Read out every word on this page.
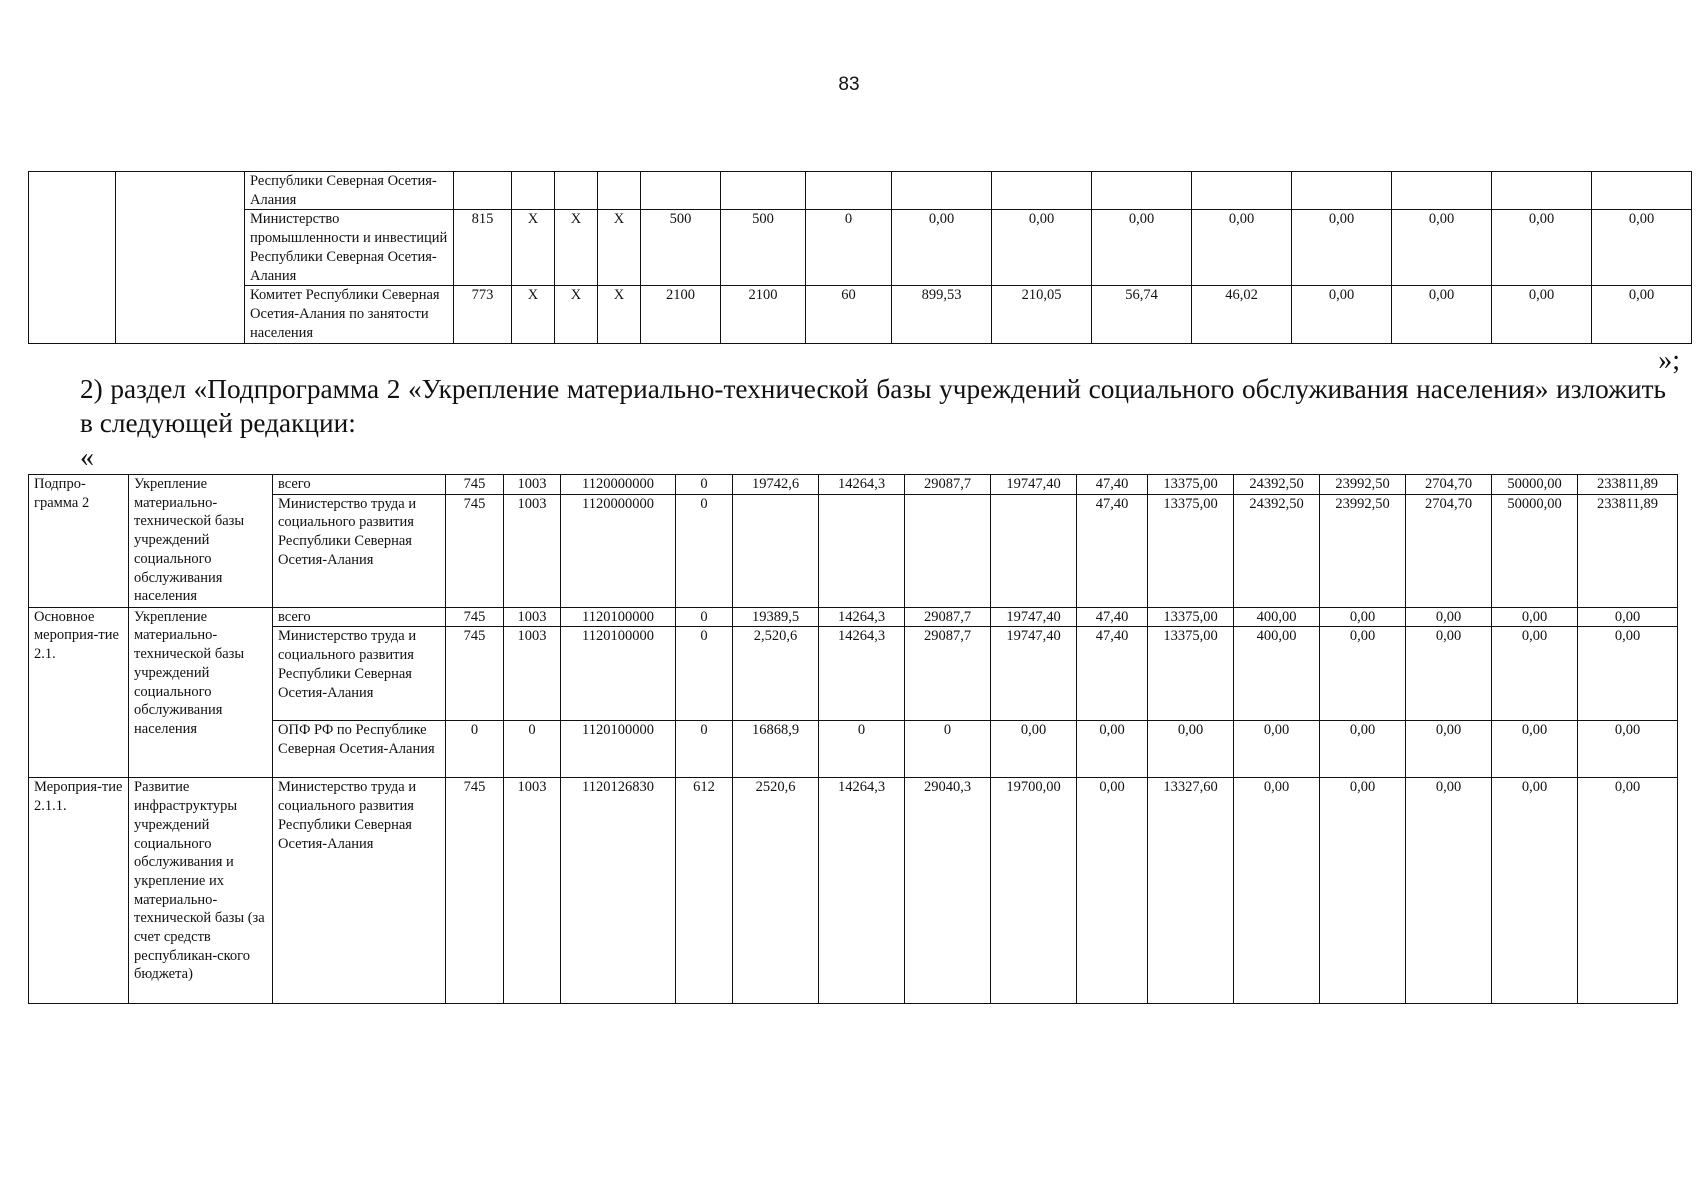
83
		Республики Северная Осетия-Алания															
		Министерство промышленности и инвестиций Республики Северная Осетия-Алания	815	X	X	X	500	500	0	0,00	0,00	0,00	0,00	0,00	0,00	0,00	0,00
		Комитет Республики Северная Осетия-Алания по занятости населения	773	X	X	X	2100	2100	60	899,53	210,05	56,74	46,02	0,00	0,00	0,00	0,00
»;
2) раздел «Подпрограмма 2 «Укрепление материально-технической базы учреждений социального обслуживания населения» изложить в следующей редакции:
«
Подпро-грамма 2	Укрепление материально-технической базы учреждений социального обслуживания населения	всего	745	1003	1120000000	0	19742,6	14264,3	29087,7	19747,40	47,40	13375,00	24392,50	23992,50	2704,70	50000,00	233811,89
		Министерство труда и социального развития Республики Северная Осетия-Алания	745	1003	1120000000	0					47,40	13375,00	24392,50	23992,50	2704,70	50000,00	233811,89
Основное мероприя-тие 2.1.	Укрепление материально-технической базы учреждений социального обслуживания населения	всего	745	1003	1120100000	0	19389,5	14264,3	29087,7	19747,40	47,40	13375,00	400,00	0,00	0,00	0,00	0,00
		Министерство труда и социального развития Республики Северная Осетия-Алания	745	1003	1120100000	0	2,520,6	14264,3	29087,7	19747,40	47,40	13375,00	400,00	0,00	0,00	0,00	0,00
		ОПФ РФ по Республике Северная Осетия-Алания	0	0	1120100000	0	16868,9	0	0	0,00	0,00	0,00	0,00	0,00	0,00	0,00	0,00
Мероприя-тие 2.1.1.	Развитие инфраструктуры учреждений социального обслуживания и укрепление их материально-технической базы (за счет средств республикан-ского бюджета)	Министерство труда и социального развития Республики Северная Осетия-Алания	745	1003	1120126830	612	2520,6	14264,3	29040,3	19700,00	0,00	13327,60	0,00	0,00	0,00	0,00	0,00
